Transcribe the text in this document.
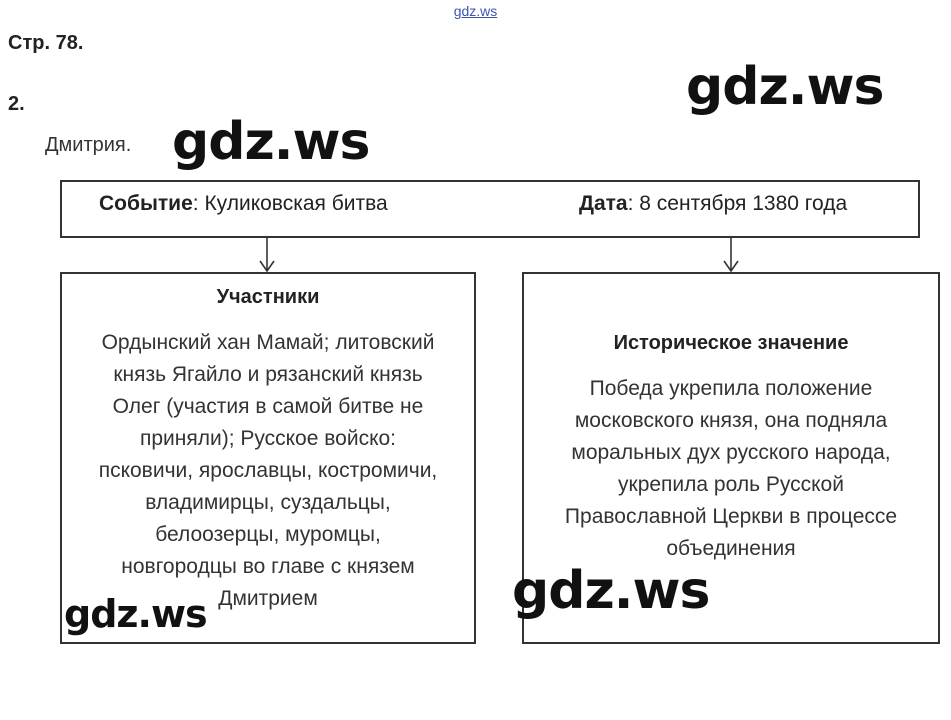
gdz.ws
Стр. 78.
2.
Дмитрия.
Событие: Куликовская битва	Дата: 8 сентября 1380 года
Участники
Ордынский хан Мамай; литовский
князь Ягайло и рязанский князь
Олег (участия в самой битве не
приняли); Русское войско:
псковичи, ярославцы, костромичи,
владимирцы, суздальцы,
белоозерцы, муромцы,
новгородцы во главе с князем
Дмитрием
Историческое значение
Победа укрепила положение
московского князя, она подняла
моральных дух русского народа,
укрепила роль Русской
Православной Церкви в процессе
объединения
gdz.ws
gdz.ws
gdz.ws
gdz.ws
